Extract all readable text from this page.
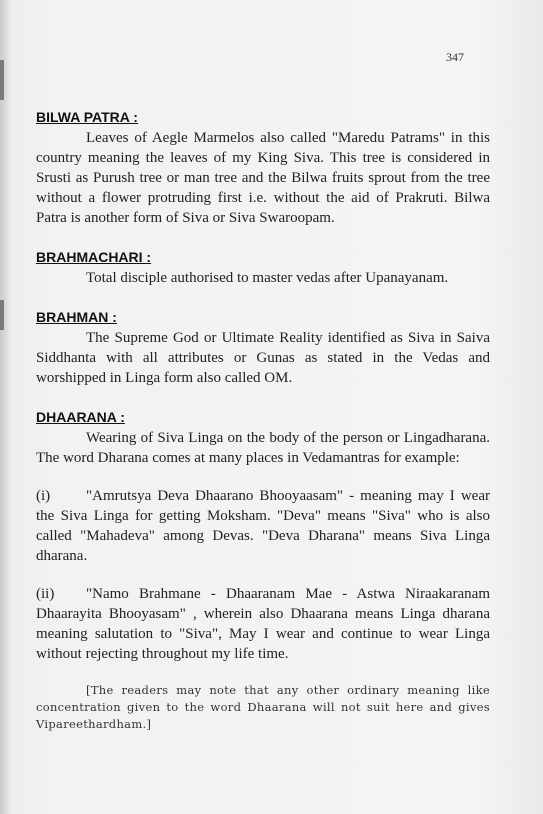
347

BILWA PATRA :

Leaves of Aegle Marmelos also called "Maredu Patrams" in this country meaning the leaves of my King Siva. This tree is considered in Srusti as Purush tree or man tree and the Bilwa fruits sprout from the tree without a flower protruding first i.e. without the aid of Prakruti. Bilwa Patra is another form of Siva or Siva Swaroopam.

BRAHMACHARI :

Total disciple authorised to master vedas after Upanayanam.

BRAHMAN :

The Supreme God or Ultimate Reality identified as Siva in Saiva Siddhanta with all attributes or Gunas as stated in the Vedas and worshipped in Linga form also called OM.

DHAARANA :

Wearing of Siva Linga on the body of the person or Lingadharana. The word Dharana comes at many places in Vedamantras for example:

(i) "Amrutsya Deva Dhaarano Bhooyaasam" - meaning may I wear the Siva Linga for getting Moksham. "Deva" means "Siva" who is also called "Mahadeva" among Devas. "Deva Dharana" means Siva Linga dharana.

(ii) "Namo Brahmane - Dhaaranam Mae - Astwa Niraakaranam Dhaarayita Bhooyasam" , wherein also Dhaarana means Linga dharana meaning salutation to "Siva", May I wear and continue to wear Linga without rejecting throughout my life time.

[The readers may note that any other ordinary meaning like concentration given to the word Dhaarana will not suit here and gives Vipareethardham.]
